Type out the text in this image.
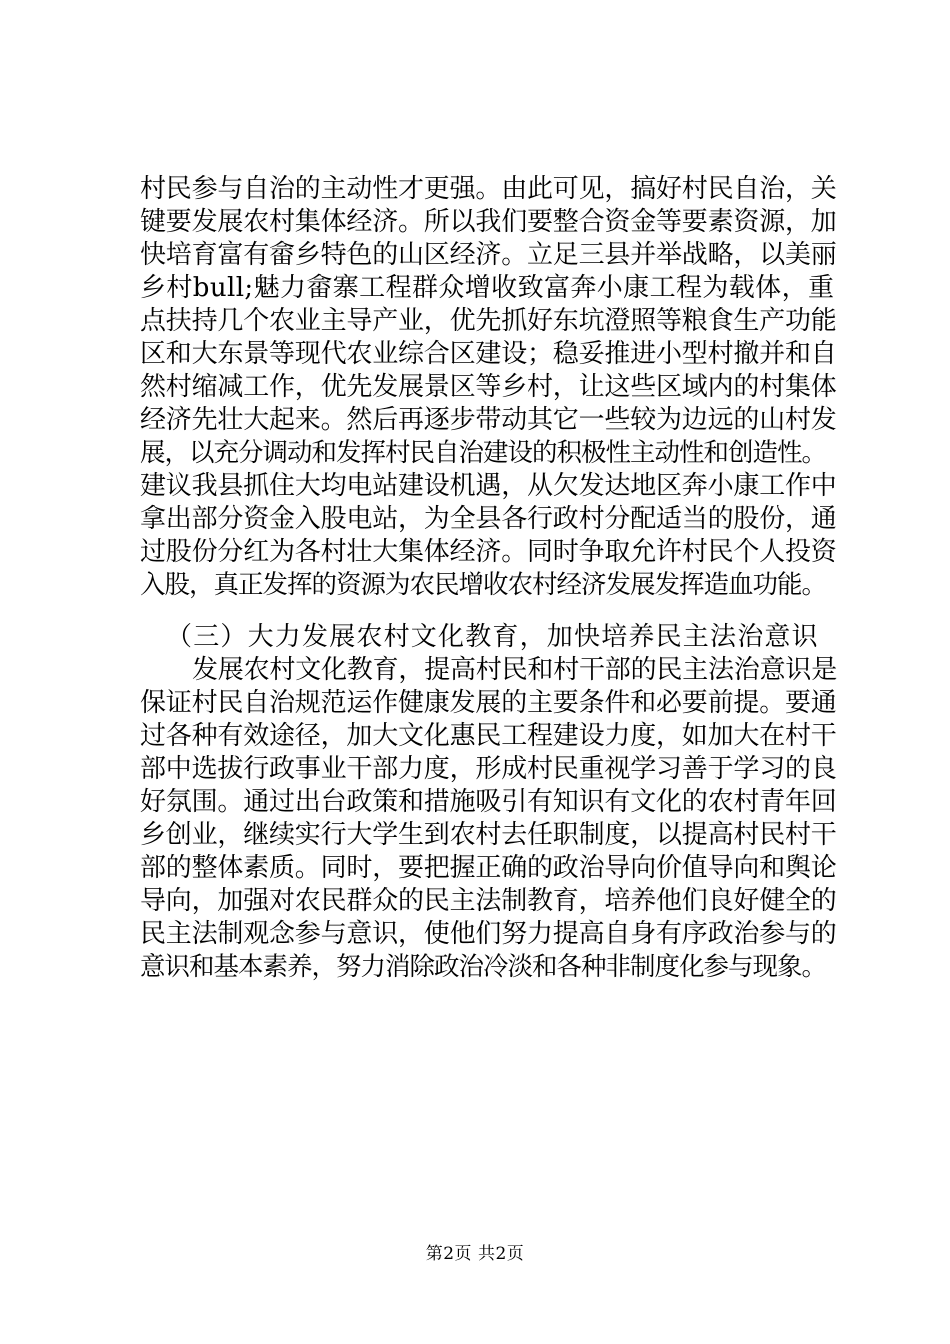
村民参与自治的主动性才更强。由此可见，搞好村民自治，关
键要发展农村集体经济。所以我们要整合资金等要素资源，加
快培育富有畲乡特色的山区经济。立足三县并举战略，以美丽
乡村bull;魅力畲寨工程群众增收致富奔小康工程为载体，重
点扶持几个农业主导产业，优先抓好东坑澄照等粮食生产功能
区和大东景等现代农业综合区建设；稳妥推进小型村撤并和自
然村缩减工作，优先发展景区等乡村，让这些区域内的村集体
经济先壮大起来。然后再逐步带动其它一些较为边远的山村发
展，以充分调动和发挥村民自治建设的积极性主动性和创造性。
建议我县抓住大均电站建设机遇，从欠发达地区奔小康工作中
拿出部分资金入股电站，为全县各行政村分配适当的股份，通
过股份分红为各村壮大集体经济。同时争取允许村民个人投资
入股，真正发挥的资源为农民增收农村经济发展发挥造血功能。
（三）大力发展农村文化教育，加快培养民主法治意识
发展农村文化教育，提高村民和村干部的民主法治意识是
保证村民自治规范运作健康发展的主要条件和必要前提。要通
过各种有效途径，加大文化惠民工程建设力度，如加大在村干
部中选拔行政事业干部力度，形成村民重视学习善于学习的良
好氛围。通过出台政策和措施吸引有知识有文化的农村青年回
乡创业，继续实行大学生到农村去任职制度，以提高村民村干
部的整体素质。同时，要把握正确的政治导向价值导向和舆论
导向，加强对农民群众的民主法制教育，培养他们良好健全的
民主法制观念参与意识，使他们努力提高自身有序政治参与的
意识和基本素养，努力消除政治冷淡和各种非制度化参与现象。
第2页 共2页
